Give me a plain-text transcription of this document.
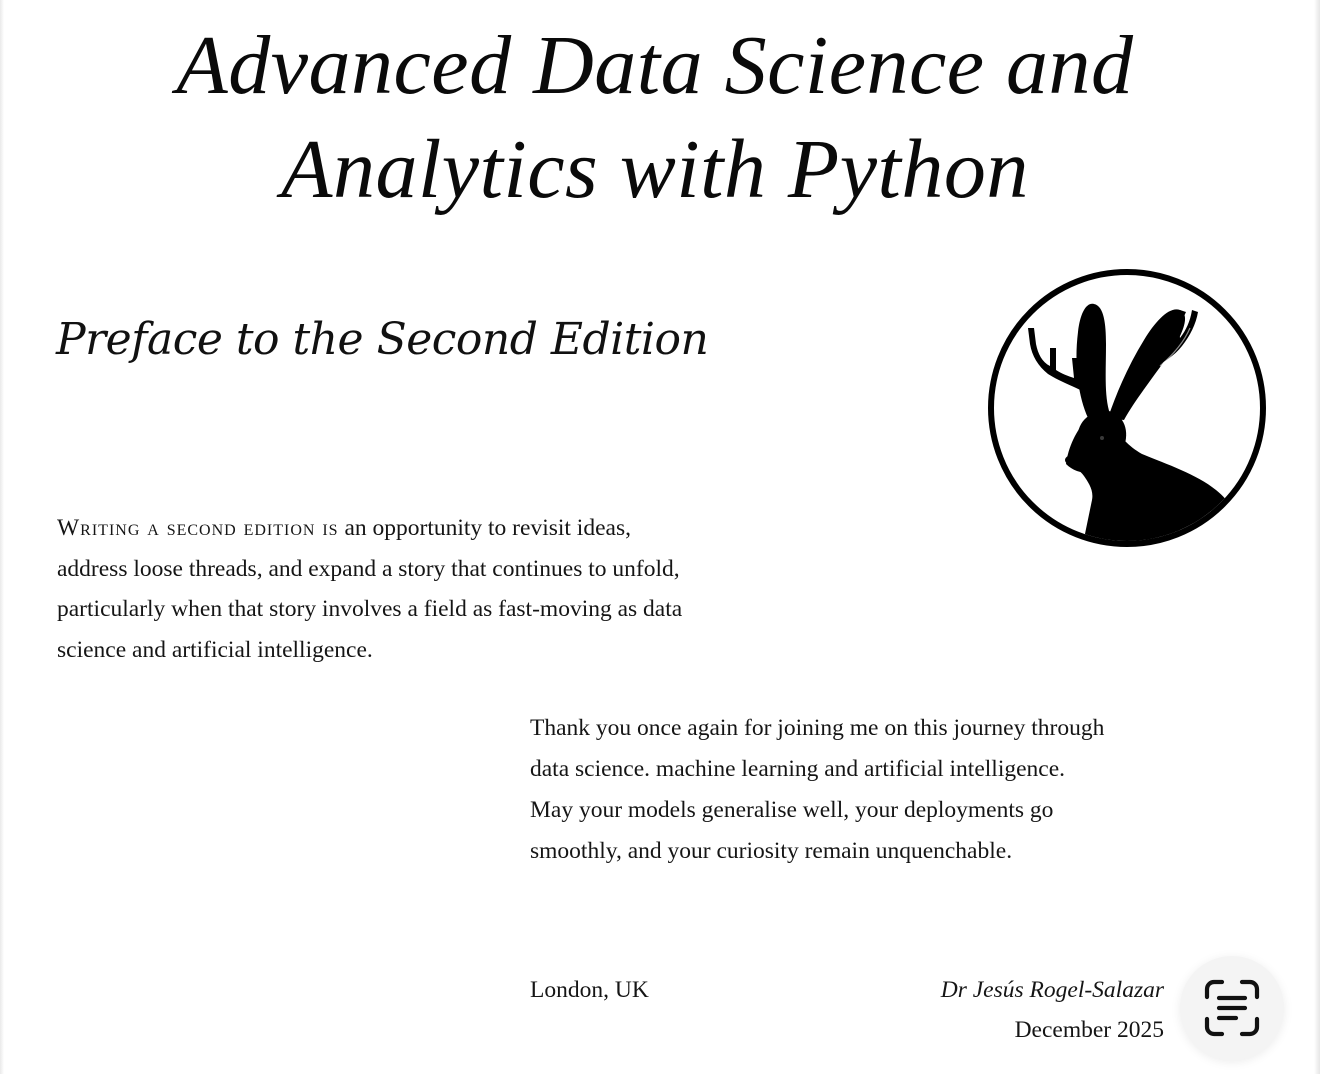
Advanced Data Science and
Analytics with Python
Preface to the Second Edition

Writing a second edition is an opportunity to revisit ideas, address loose threads, and expand a story that continues to unfold, particularly when that story involves a field as fast-moving as data science and artificial intelligence.

Thank you once again for joining me on this journey through data science. machine learning and artificial intelligence. May your models generalise well, your deployments go smoothly, and your curiosity remain unquenchable.

London, UK	Dr Jesús Rogel-Salazar
December 2025
